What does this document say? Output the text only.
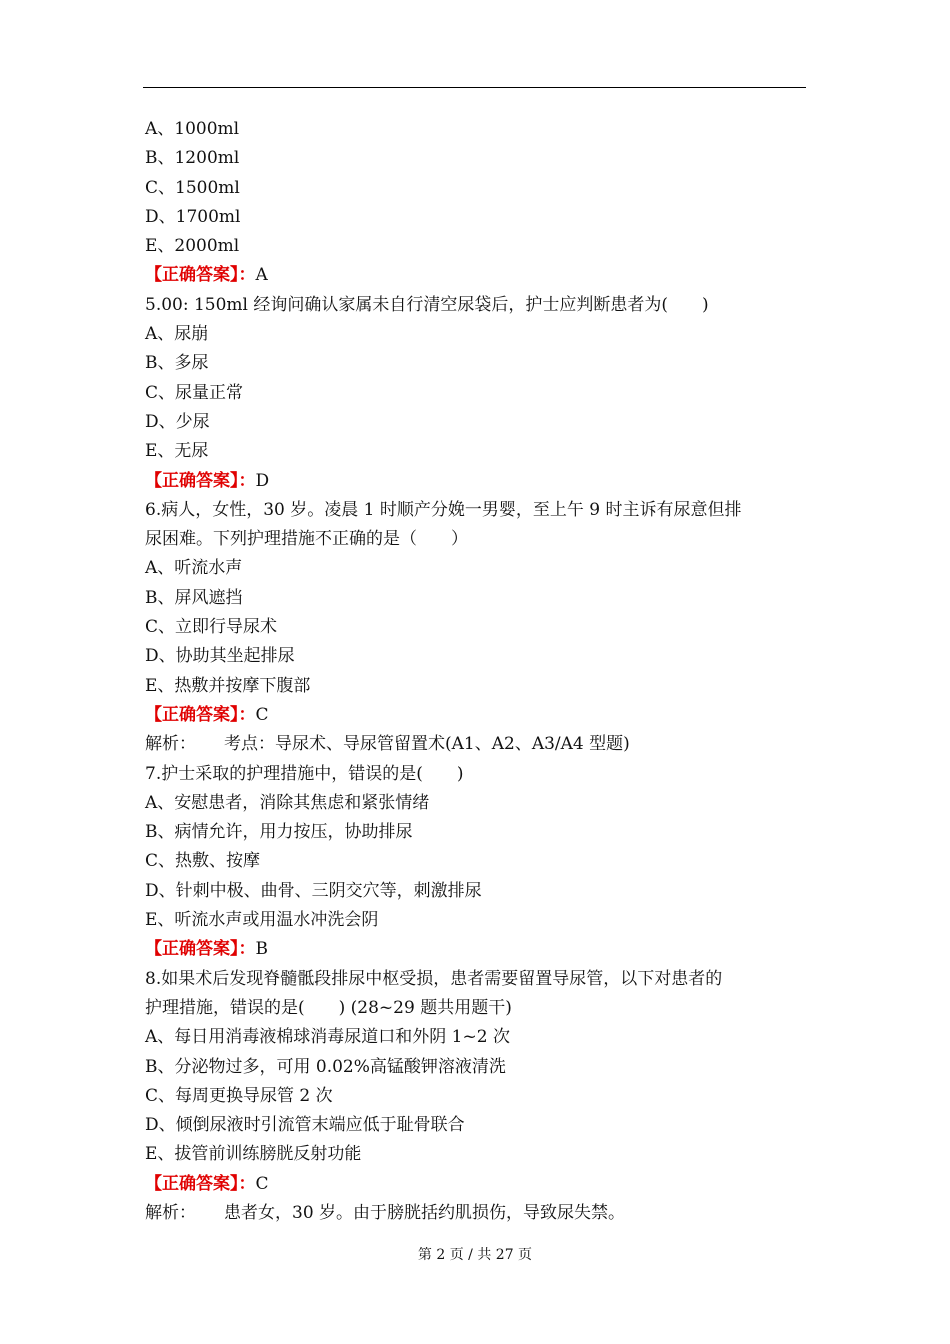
A、1000ml
B、1200ml
C、1500ml
D、1700ml
E、2000ml
【正确答案】：A
5.00: 150ml 经询问确认家属未自行清空尿袋后，护士应判断患者为(　　)
A、尿崩
B、多尿
C、尿量正常
D、少尿
E、无尿
【正确答案】：D
6.病人，女性，30 岁。凌晨 1 时顺产分娩一男婴，至上午 9 时主诉有尿意但排
尿困难。下列护理措施不正确的是（　　）
A、听流水声
B、屏风遮挡
C、立即行导尿术
D、协助其坐起排尿
E、热敷并按摩下腹部
【正确答案】：C
解析： 考点：导尿术、导尿管留置术(A1、A2、A3/A4 型题)
7.护士采取的护理措施中，错误的是(　　)
A、安慰患者，消除其焦虑和紧张情绪
B、病情允许，用力按压，协助排尿
C、热敷、按摩
D、针刺中极、曲骨、三阴交穴等，刺激排尿
E、听流水声或用温水冲洗会阴
【正确答案】：B
8.如果术后发现脊髓骶段排尿中枢受损，患者需要留置导尿管，以下对患者的
护理措施，错误的是(　　) (28~29 题共用题干)
A、每日用消毒液棉球消毒尿道口和外阴 1~2 次
B、分泌物过多，可用 0.02%高锰酸钾溶液清洗
C、每周更换导尿管 2 次
D、倾倒尿液时引流管末端应低于耻骨联合
E、拔管前训练膀胱反射功能
【正确答案】：C
解析： 患者女，30 岁。由于膀胱括约肌损伤，导致尿失禁。
第 2 页 / 共 27 页
